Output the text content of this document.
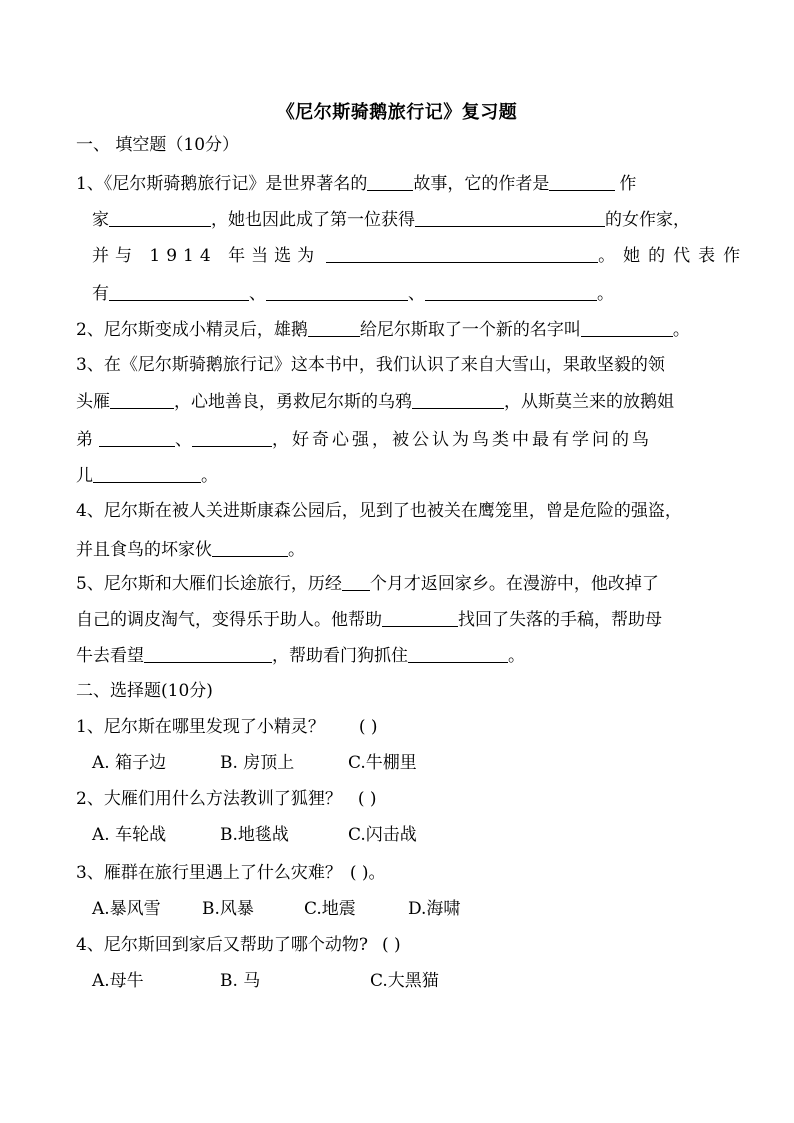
《尼尔斯骑鹅旅行记》复习题
一、 填空题（10分）
1、《尼尔斯骑鹅旅行记》是世界著名的	故事，它的作者是	作
家	，她也因此成了第一位获得	的女作家，
并与 1914 年当选为	。她的代表作
有	、	、	。
2、尼尔斯变成小精灵后，雄鹅	给尼尔斯取了一个新的名字叫	。
3、在《尼尔斯骑鹅旅行记》这本书中，我们认识了来自大雪山，果敢坚毅的领
头雁	，心地善良，勇救尼尔斯的乌鸦	，从斯莫兰来的放鹅姐
弟	、	，好奇心强，被公认为鸟类中最有学问的鸟
儿	。
4、尼尔斯在被人关进斯康森公园后，见到了也被关在鹰笼里，曾是危险的强盗，
并且食鸟的坏家伙	。
5、尼尔斯和大雁们长途旅行，历经 个月才返回家乡。在漫游中，他改掉了
自己的调皮淘气，变得乐于助人。他帮助	找回了失落的手稿，帮助母
牛去看望	，帮助看门狗抓住	。
二、选择题(10分)
1、尼尔斯在哪里发现了小精灵？ ( )
A. 箱子边	B. 房顶上	C.牛棚里
2、大雁们用什么方法教训了狐狸？ ( )
A. 车轮战	B.地毯战	C.闪击战
3、雁群在旅行里遇上了什么灾难？ ( )。
A.暴风雪 B.风暴	C.地震	D.海啸
4、尼尔斯回到家后又帮助了哪个动物? ( )
A.母牛	B. 马	C.大黑猫
